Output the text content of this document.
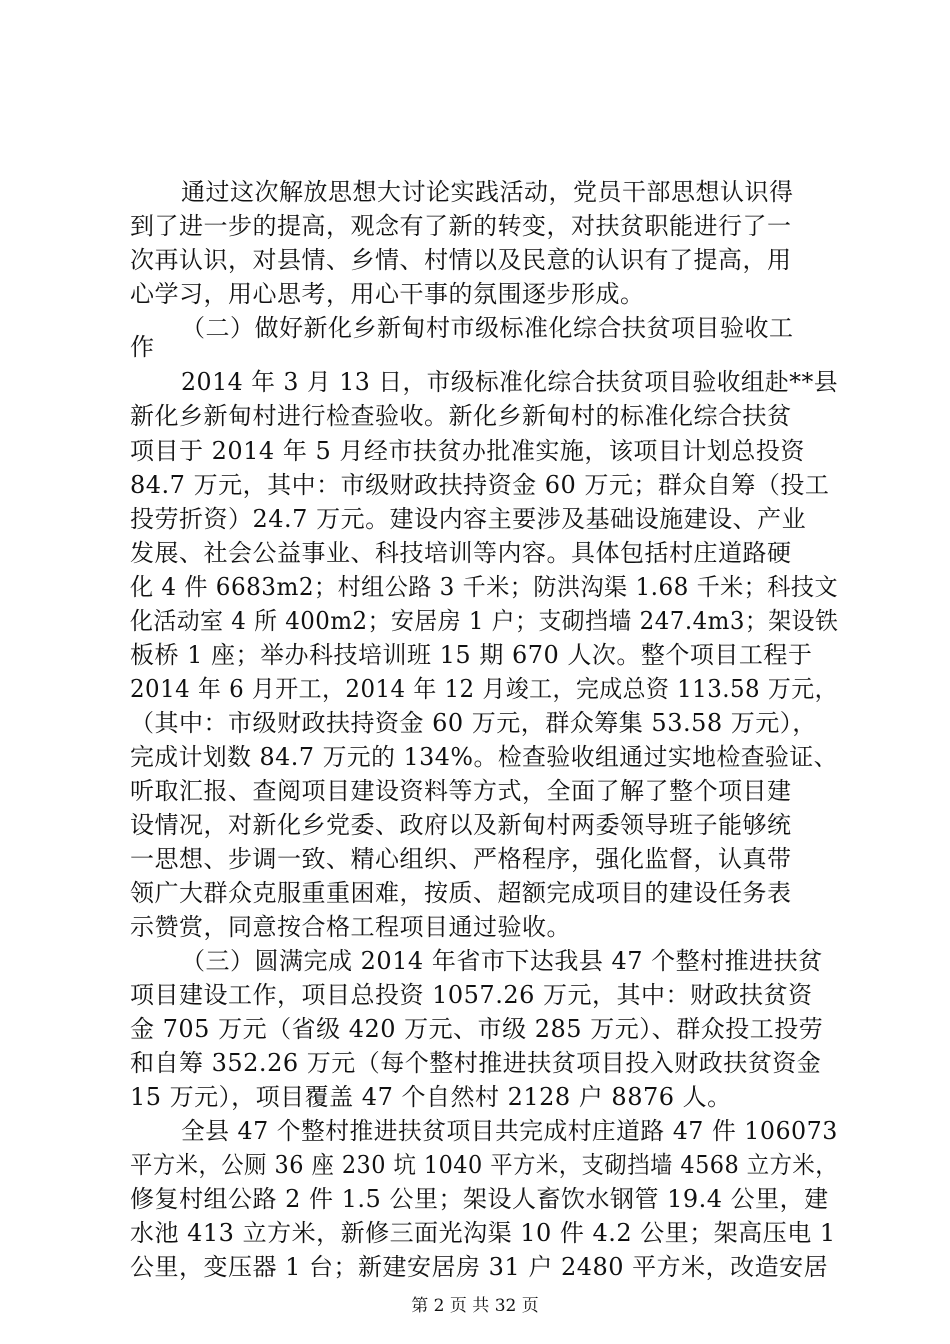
通过这次解放思想大讨论实践活动，党员干部思想认识得
到了进一步的提高，观念有了新的转变，对扶贫职能进行了一
次再认识，对县情、乡情、村情以及民意的认识有了提高，用
心学习，用心思考，用心干事的氛围逐步形成。
（二）做好新化乡新甸村市级标准化综合扶贫项目验收工
作
2014 年 3 月 13 日，市级标准化综合扶贫项目验收组赴**县
新化乡新甸村进行检查验收。新化乡新甸村的标准化综合扶贫
项目于 2014 年 5 月经市扶贫办批准实施，该项目计划总投资
84.7 万元，其中：市级财政扶持资金 60 万元；群众自筹（投工
投劳折资）24.7 万元。建设内容主要涉及基础设施建设、产业
发展、社会公益事业、科技培训等内容。具体包括村庄道路硬
化 4 件 6683m2；村组公路 3 千米；防洪沟渠 1.68 千米；科技文
化活动室 4 所 400m2；安居房 1 户；支砌挡墙 247.4m3；架设铁
板桥 1 座；举办科技培训班 15 期 670 人次。整个项目工程于
2014 年 6 月开工，2014 年 12 月竣工，完成总资 113.58 万元，
（其中：市级财政扶持资金 60 万元，群众筹集 53.58 万元），
完成计划数 84.7 万元的 134%。检查验收组通过实地检查验证、
听取汇报、查阅项目建设资料等方式，全面了解了整个项目建
设情况，对新化乡党委、政府以及新甸村两委领导班子能够统
一思想、步调一致、精心组织、严格程序，强化监督，认真带
领广大群众克服重重困难，按质、超额完成项目的建设任务表
示赞赏，同意按合格工程项目通过验收。
（三）圆满完成 2014 年省市下达我县 47 个整村推进扶贫
项目建设工作，项目总投资 1057.26 万元，其中：财政扶贫资
金 705 万元（省级 420 万元、市级 285 万元）、群众投工投劳
和自筹 352.26 万元（每个整村推进扶贫项目投入财政扶贫资金
15 万元），项目覆盖 47 个自然村 2128 户 8876 人。
全县 47 个整村推进扶贫项目共完成村庄道路 47 件 106073
平方米，公厕 36 座 230 坑 1040 平方米，支砌挡墙 4568 立方米，
修复村组公路 2 件 1.5 公里；架设人畜饮水钢管 19.4 公里，建
水池 413 立方米，新修三面光沟渠 10 件 4.2 公里；架高压电 1
公里，变压器 1 台；新建安居房 31 户 2480 平方米，改造安居
第 2 页 共 32 页
